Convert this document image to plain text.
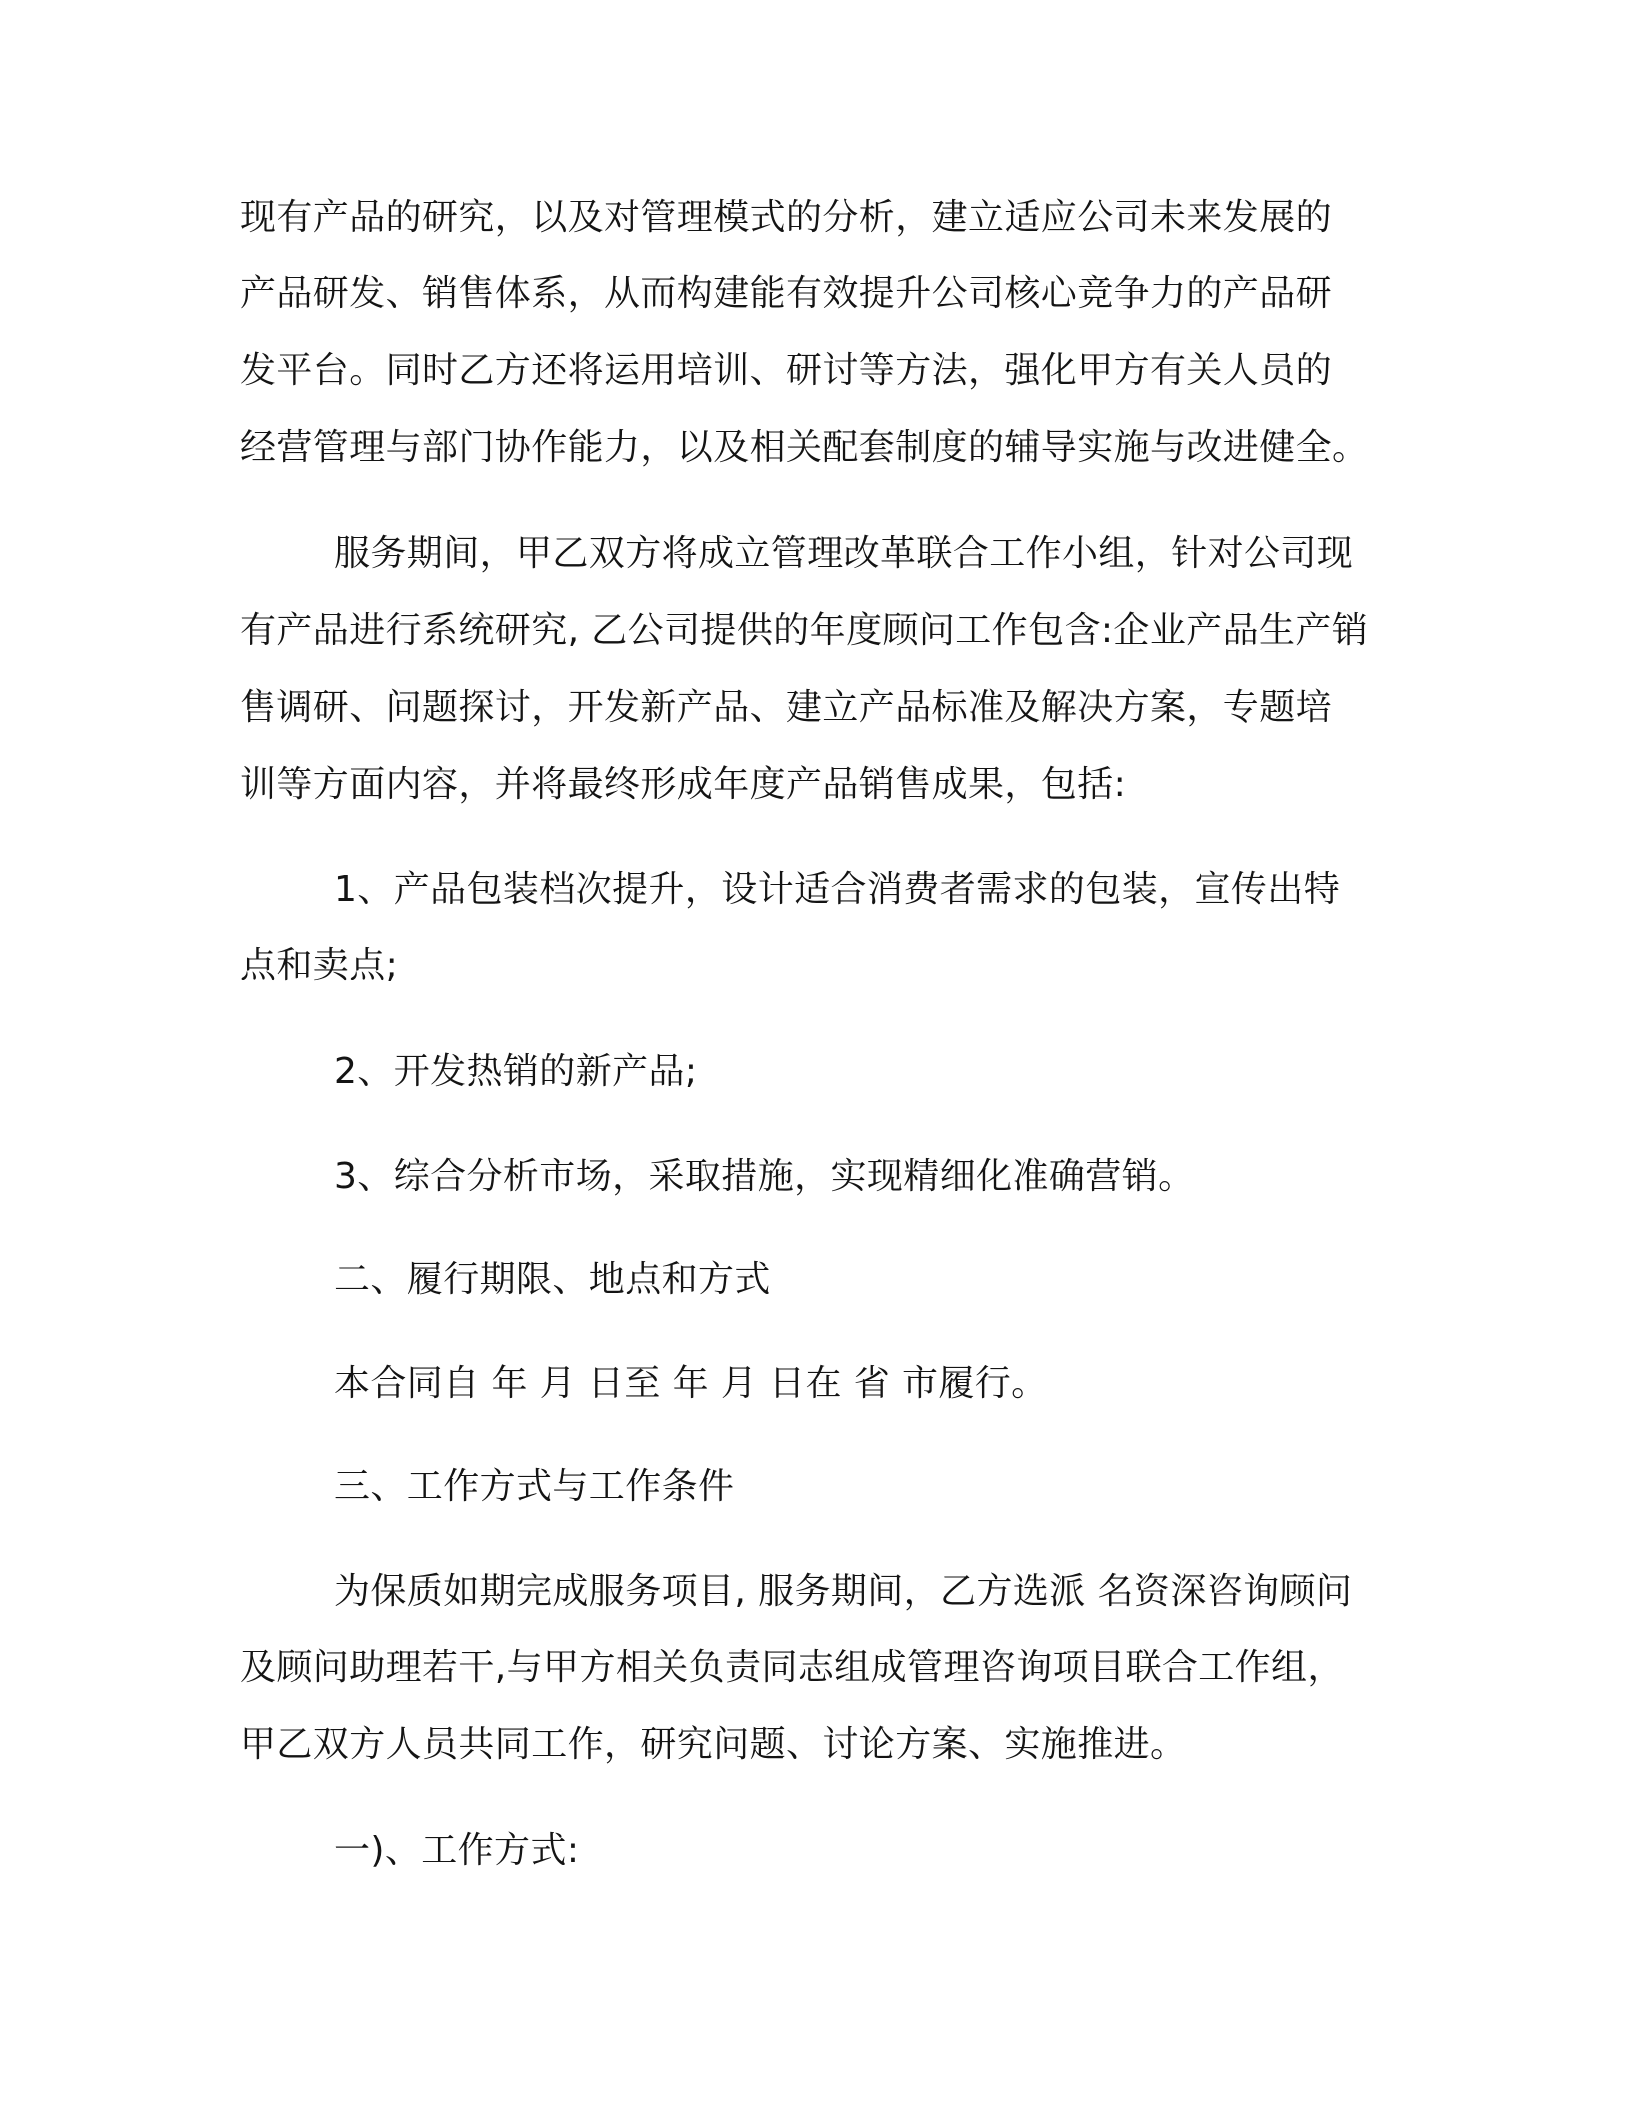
现有产品的研究，以及对管理模式的分析，建立适应公司未来发展的
产品研发、销售体系，从而构建能有效提升公司核心竞争力的产品研
发平台。同时乙方还将运用培训、研讨等方法，强化甲方有关人员的
经营管理与部门协作能力，以及相关配套制度的辅导实施与改进健全。
服务期间，甲乙双方将成立管理改革联合工作小组，针对公司现
有产品进行系统研究, 乙公司提供的年度顾问工作包含:企业产品生产销
售调研、问题探讨，开发新产品、建立产品标准及解决方案，专题培
训等方面内容，并将最终形成年度产品销售成果，包括:
1、产品包装档次提升，设计适合消费者需求的包装，宣传出特
点和卖点;
2、开发热销的新产品;
3、综合分析市场，采取措施，实现精细化准确营销。
二、履行期限、地点和方式
本合同自 年 月 日至 年 月 日在 省 市履行。
三、工作方式与工作条件
为保质如期完成服务项目, 服务期间，乙方选派 名资深咨询顾问
及顾问助理若干,与甲方相关负责同志组成管理咨询项目联合工作组，
甲乙双方人员共同工作，研究问题、讨论方案、实施推进。
一)、工作方式:
